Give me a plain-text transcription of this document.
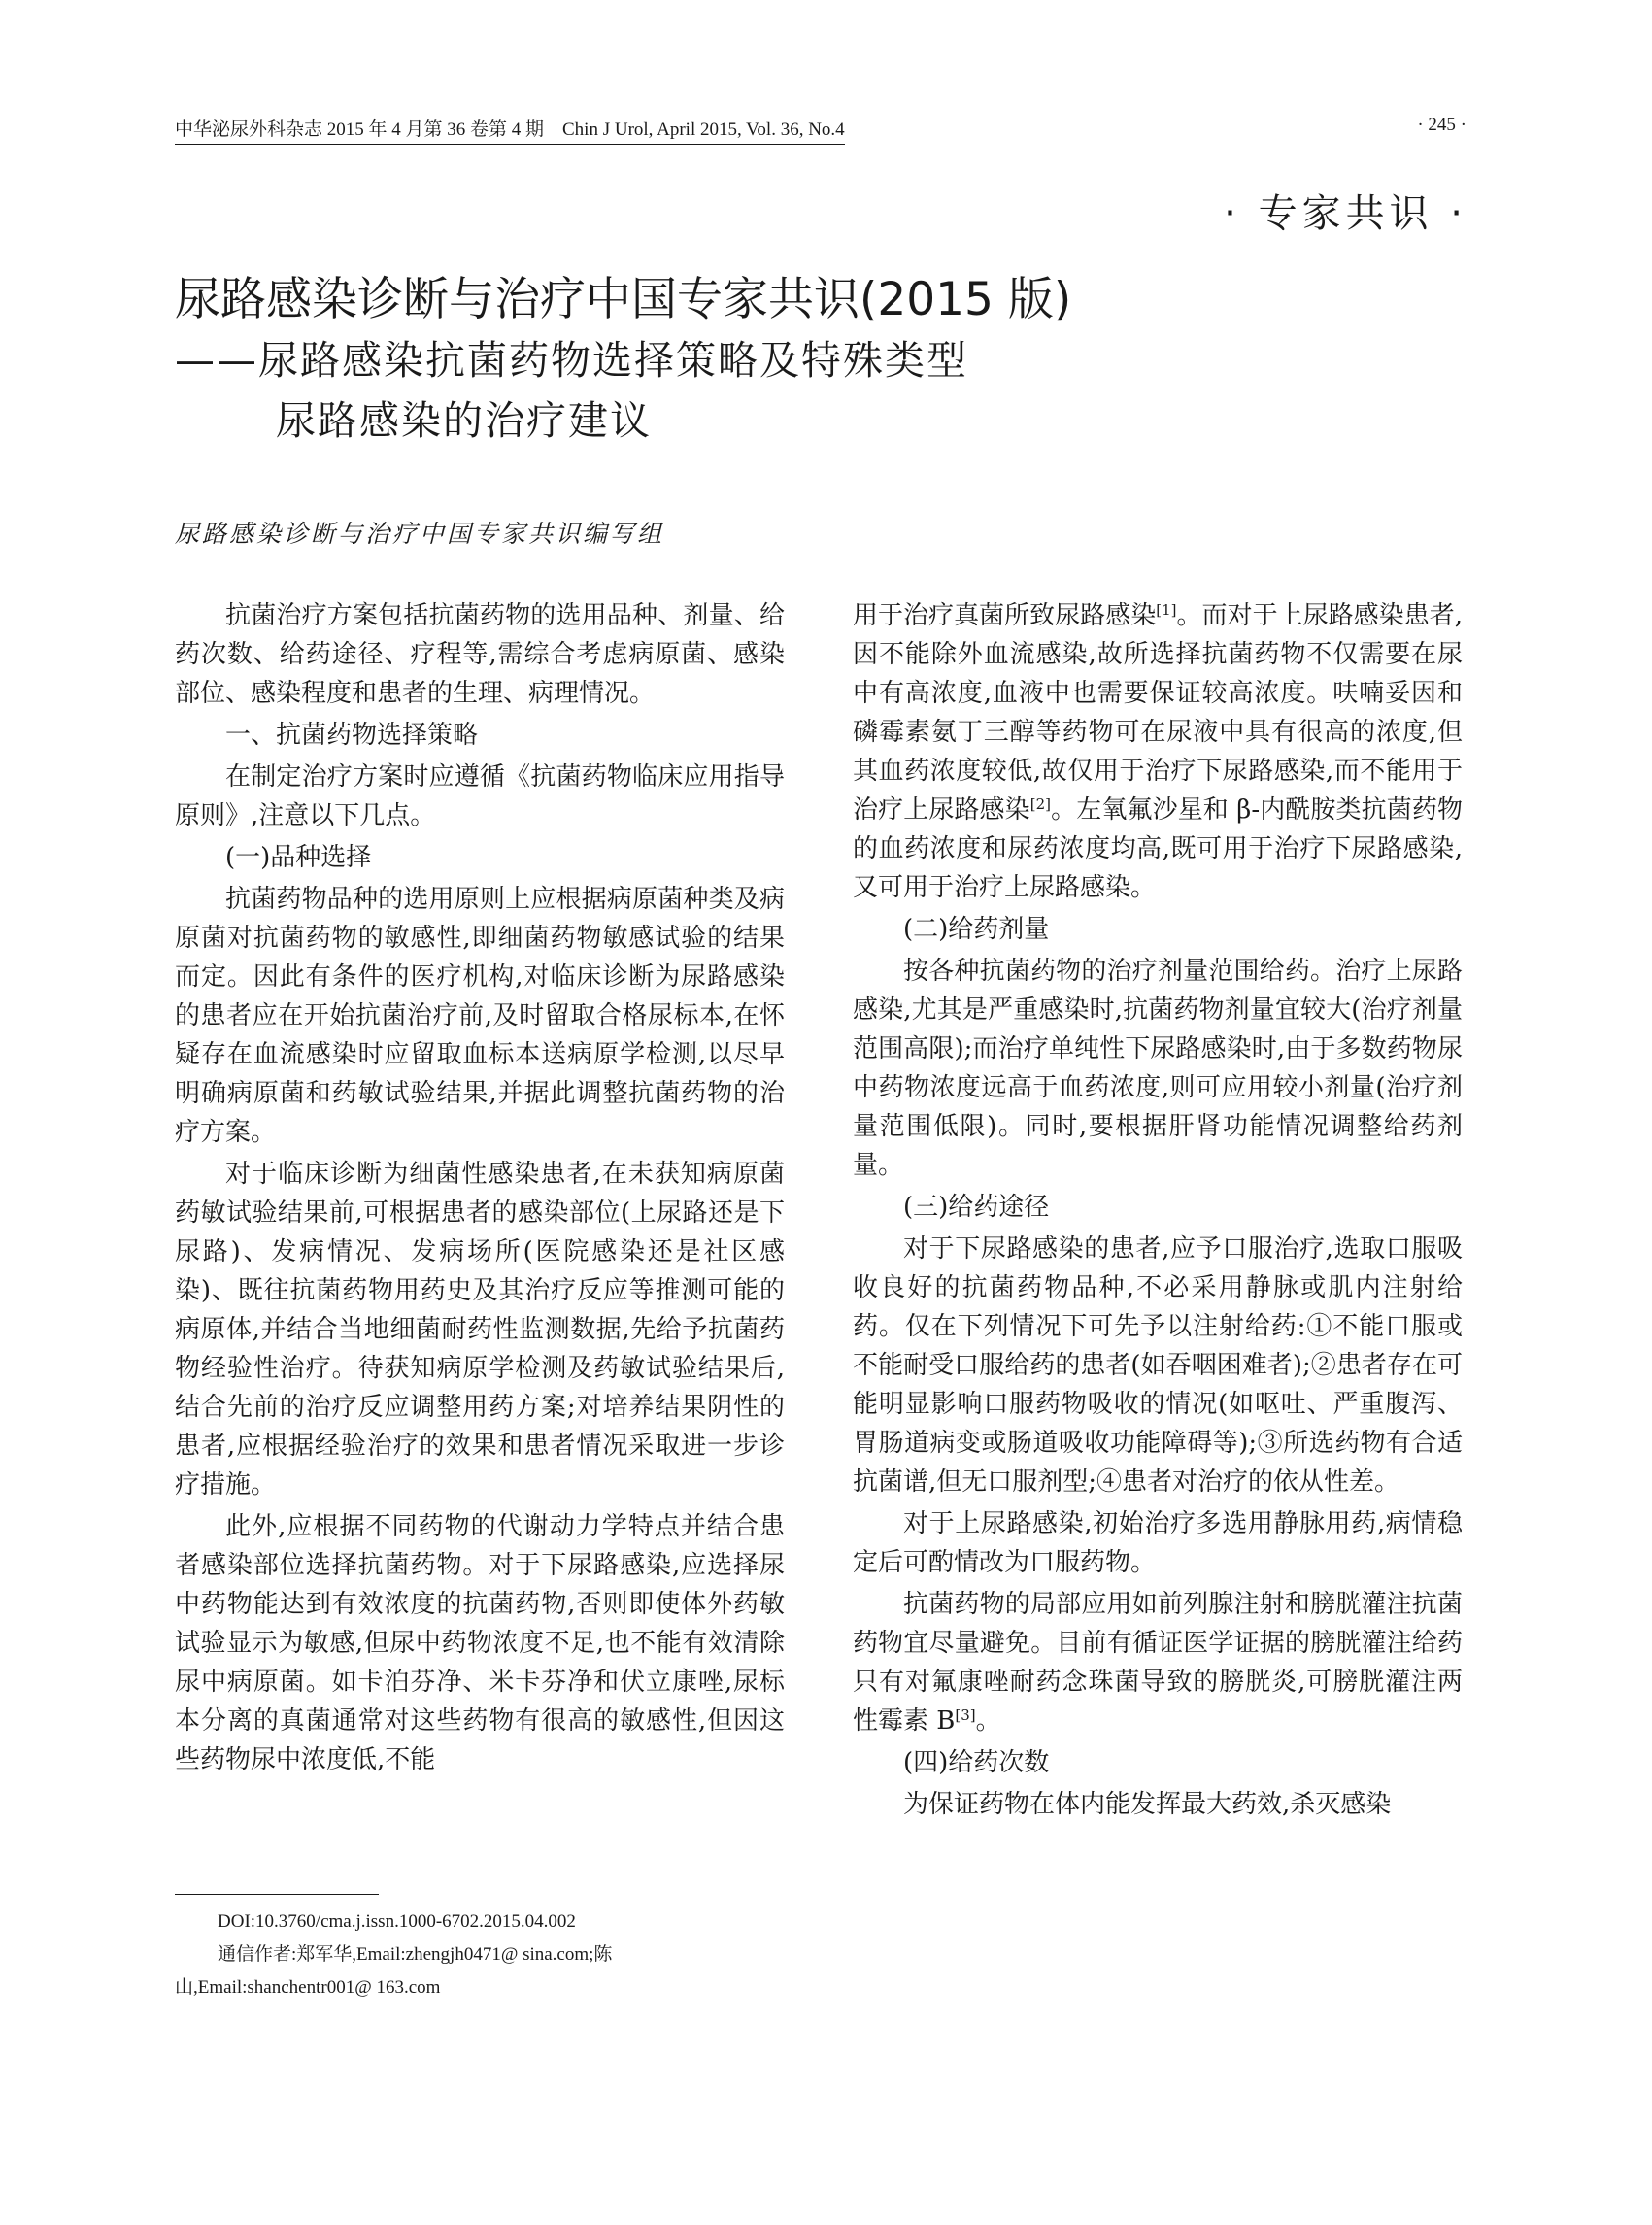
中华泌尿外科杂志 2015 年 4 月第 36 卷第 4 期　Chin J Urol, April 2015, Vol. 36, No.4	· 245 ·
· 专家共识 ·
尿路感染诊断与治疗中国专家共识(2015 版)
——尿路感染抗菌药物选择策略及特殊类型
尿路感染的治疗建议
尿路感染诊断与治疗中国专家共识编写组

抗菌治疗方案包括抗菌药物的选用品种、剂量、给药次数、给药途径、疗程等,需综合考虑病原菌、感染部位、感染程度和患者的生理、病理情况。

一、抗菌药物选择策略

在制定治疗方案时应遵循《抗菌药物临床应用指导原则》,注意以下几点。

(一)品种选择

抗菌药物品种的选用原则上应根据病原菌种类及病原菌对抗菌药物的敏感性,即细菌药物敏感试验的结果而定。因此有条件的医疗机构,对临床诊断为尿路感染的患者应在开始抗菌治疗前,及时留取合格尿标本,在怀疑存在血流感染时应留取血标本送病原学检测,以尽早明确病原菌和药敏试验结果,并据此调整抗菌药物的治疗方案。

对于临床诊断为细菌性感染患者,在未获知病原菌药敏试验结果前,可根据患者的感染部位(上尿路还是下尿路)、发病情况、发病场所(医院感染还是社区感染)、既往抗菌药物用药史及其治疗反应等推测可能的病原体,并结合当地细菌耐药性监测数据,先给予抗菌药物经验性治疗。待获知病原学检测及药敏试验结果后,结合先前的治疗反应调整用药方案;对培养结果阴性的患者,应根据经验治疗的效果和患者情况采取进一步诊疗措施。

此外,应根据不同药物的代谢动力学特点并结合患者感染部位选择抗菌药物。对于下尿路感染,应选择尿中药物能达到有效浓度的抗菌药物,否则即使体外药敏试验显示为敏感,但尿中药物浓度不足,也不能有效清除尿中病原菌。如卡泊芬净、米卡芬净和伏立康唑,尿标本分离的真菌通常对这些药物有很高的敏感性,但因这些药物尿中浓度低,不能

用于治疗真菌所致尿路感染[1]。而对于上尿路感染患者,因不能除外血流感染,故所选择抗菌药物不仅需要在尿中有高浓度,血液中也需要保证较高浓度。呋喃妥因和磷霉素氨丁三醇等药物可在尿液中具有很高的浓度,但其血药浓度较低,故仅用于治疗下尿路感染,而不能用于治疗上尿路感染[2]。左氧氟沙星和 β-内酰胺类抗菌药物的血药浓度和尿药浓度均高,既可用于治疗下尿路感染,又可用于治疗上尿路感染。

(二)给药剂量

按各种抗菌药物的治疗剂量范围给药。治疗上尿路感染,尤其是严重感染时,抗菌药物剂量宜较大(治疗剂量范围高限);而治疗单纯性下尿路感染时,由于多数药物尿中药物浓度远高于血药浓度,则可应用较小剂量(治疗剂量范围低限)。同时,要根据肝肾功能情况调整给药剂量。

(三)给药途径

对于下尿路感染的患者,应予口服治疗,选取口服吸收良好的抗菌药物品种,不必采用静脉或肌内注射给药。仅在下列情况下可先予以注射给药:①不能口服或不能耐受口服给药的患者(如吞咽困难者);②患者存在可能明显影响口服药物吸收的情况(如呕吐、严重腹泻、胃肠道病变或肠道吸收功能障碍等);③所选药物有合适抗菌谱,但无口服剂型;④患者对治疗的依从性差。

对于上尿路感染,初始治疗多选用静脉用药,病情稳定后可酌情改为口服药物。

抗菌药物的局部应用如前列腺注射和膀胱灌注抗菌药物宜尽量避免。目前有循证医学证据的膀胱灌注给药只有对氟康唑耐药念珠菌导致的膀胱炎,可膀胱灌注两性霉素 B[3]。

(四)给药次数

为保证药物在体内能发挥最大药效,杀灭感染

DOI:10.3760/cma.j.issn.1000-6702.2015.04.002

通信作者:郑军华,Email:zhengjh0471@ sina.com;陈山,Email:shanchentr001@ 163.com
